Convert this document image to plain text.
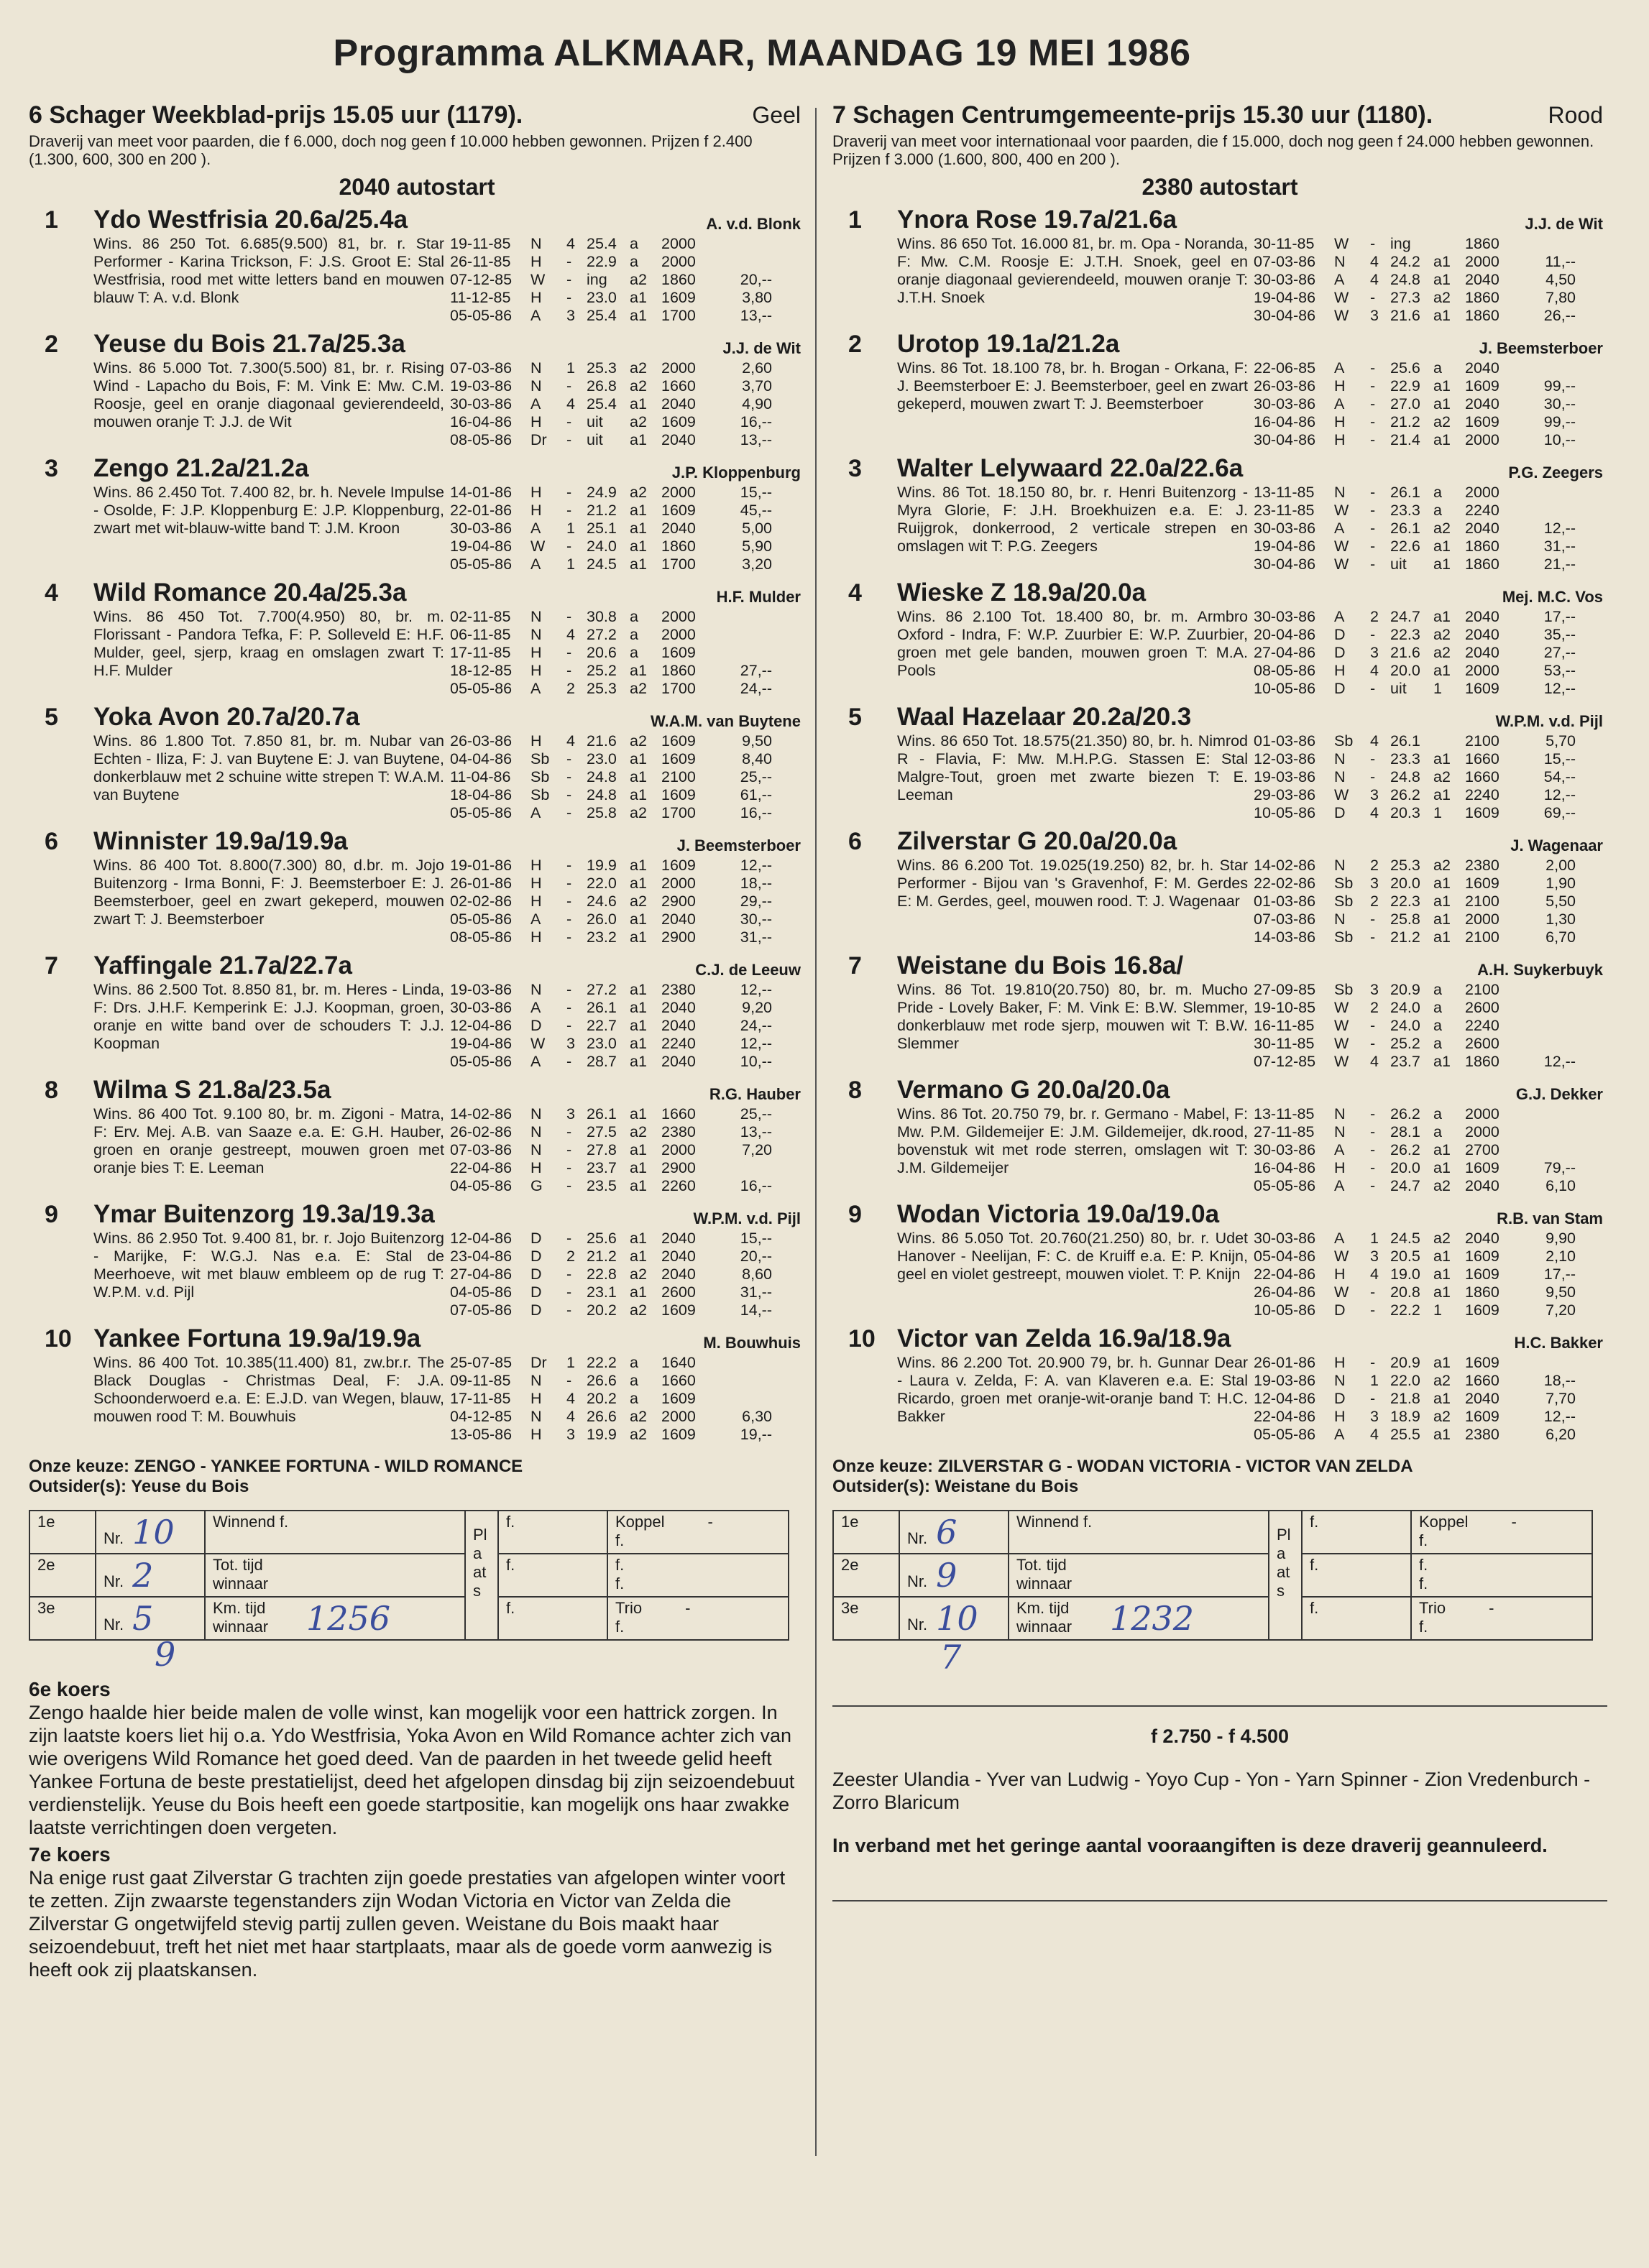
Programma ALKMAAR, MAANDAG 19 MEI 1986
6 Schager Weekblad-prijs 15.05 uur (1179).	Geel
Draverij van meet voor paarden, die f 6.000, doch nog geen f 10.000 hebben gewonnen. Prijzen f 2.400 (1.300, 600, 300 en 200 ).
2040 autostart
1 Ydo Westfrisia 20.6a/25.4a	A. v.d. Blonk
Wins. 86 250 Tot. 6.685(9.500) 81, br. r. Star Performer - Karina Trickson, F: J.S. Groot E: Stal Westfrisia, rood met witte letters band en mouwen blauw T: A. v.d. Blonk
19-11-85	N	4 25.4 a	2000
26-11-85	H	- 22.9 a	2000
07-12-85	W	- ing	a2 1860	20,--
11-12-85	H	- 23.0 a1 1609	3,80
05-05-86	A	3 25.4 a1 1700	13,--
2 Yeuse du Bois 21.7a/25.3a	J.J. de Wit
Wins. 86 5.000 Tot. 7.300(5.500) 81, br. r. Rising Wind - Lapacho du Bois, F: M. Vink E: Mw. C.M. Roosje, geel en oranje diagonaal gevierendeeld, mouwen oranje T: J.J. de Wit
07-03-86	N	1 25.3 a2 2000	2,60
19-03-86	N	- 26.8 a2 1660	3,70
30-03-86	A	4 25.4 a1 2040	4,90
16-04-86	H	- uit	a2 1609	16,--
08-05-86	Dr	- uit	a1 2040	13,--
3 Zengo 21.2a/21.2a	J.P. Kloppenburg
Wins. 86 2.450 Tot. 7.400 82, br. h. Nevele Impulse - Osolde, F: J.P. Kloppenburg E: J.P. Kloppenburg, zwart met wit-blauw-witte band T: J.M. Kroon
14-01-86	H	- 24.9 a2 2000	15,--
22-01-86	H	- 21.2 a1 1609	45,--
30-03-86	A	1 25.1 a1 2040	5,00
19-04-86	W	- 24.0 a1 1860	5,90
05-05-86	A	1 24.5 a1 1700	3,20
4 Wild Romance 20.4a/25.3a	H.F. Mulder
Wins. 86 450 Tot. 7.700(4.950) 80, br. m. Florissant - Pandora Tefka, F: P. Solleveld E: H.F. Mulder, geel, sjerp, kraag en omslagen zwart T: H.F. Mulder
02-11-85	N	- 30.8 a	2000
06-11-85	N	4 27.2 a	2000
17-11-85	H	- 20.6 a	1609
18-12-85	H	- 25.2 a1 1860	27,--
05-05-86	A	2 25.3 a2 1700	24,--
5 Yoka Avon 20.7a/20.7a	W.A.M. van Buytene
Wins. 86 1.800 Tot. 7.850 81, br. m. Nubar van Echten - Iliza, F: J. van Buytene E: J. van Buytene, donkerblauw met 2 schuine witte strepen T: W.A.M. van Buytene
26-03-86	H	4 21.6 a2 1609	9,50
04-04-86	Sb	- 23.0 a1 1609	8,40
11-04-86	Sb	- 24.8 a1 2100	25,--
18-04-86	Sb	- 24.8 a1 1609	61,--
05-05-86	A	- 25.8 a2 1700	16,--
6 Winnister 19.9a/19.9a	J. Beemsterboer
Wins. 86 400 Tot. 8.800(7.300) 80, d.br. m. Jojo Buitenzorg - Irma Bonni, F: J. Beemsterboer E: J. Beemsterboer, geel en zwart gekeperd, mouwen zwart T: J. Beemsterboer
19-01-86	H	- 19.9 a1 1609	12,--
26-01-86	H	- 22.0 a1 2000	18,--
02-02-86	H	- 24.6 a2 2900	29,--
05-05-86	A	- 26.0 a1 2040	30,--
08-05-86	H	- 23.2 a1 2900	31,--
7 Yaffingale 21.7a/22.7a	C.J. de Leeuw
Wins. 86 2.500 Tot. 8.850 81, br. m. Heres - Linda, F: Drs. J.H.F. Kemperink E: J.J. Koopman, groen, oranje en witte band over de schouders T: J.J. Koopman
19-03-86	N	- 27.2 a1 2380	12,--
30-03-86	A	- 26.1 a1 2040	9,20
12-04-86	D	- 22.7 a1 2040	24,--
19-04-86	W	3 23.0 a1 2240	12,--
05-05-86	A	- 28.7 a1 2040	10,--
8 Wilma S 21.8a/23.5a	R.G. Hauber
Wins. 86 400 Tot. 9.100 80, br. m. Zigoni - Matra, F: Erv. Mej. A.B. van Saaze e.a. E: G.H. Hauber, groen en oranje gestreept, mouwen groen met oranje bies T: E. Leeman
14-02-86	N	3 26.1 a1 1660	25,--
26-02-86	N	- 27.5 a2 2380	13,--
07-03-86	N	- 27.8 a1 2000	7,20
22-04-86	H	- 23.7 a1 2900
04-05-86	G	- 23.5 a1 2260	16,--
9 Ymar Buitenzorg 19.3a/19.3a	W.P.M. v.d. Pijl
Wins. 86 2.950 Tot. 9.400 81, br. r. Jojo Buitenzorg - Marijke, F: W.G.J. Nas e.a. E: Stal de Meerhoeve, wit met blauw embleem op de rug T: W.P.M. v.d. Pijl
12-04-86	D	- 25.6 a1 2040	15,--
23-04-86	D	2 21.2 a1 2040	20,--
27-04-86	D	- 22.8 a2 2040	8,60
04-05-86	D	- 23.1 a1 2600	31,--
07-05-86	D	- 20.2 a2 1609	14,--
10 Yankee Fortuna 19.9a/19.9a	M. Bouwhuis
Wins. 86 400 Tot. 10.385(11.400) 81, zw.br.r. The Black Douglas - Christmas Deal, F: J.A. Schoonderwoerd e.a. E: E.J.D. van Wegen, blauw, mouwen rood T: M. Bouwhuis
25-07-85	Dr	1 22.2 a	1640
09-11-85	N	- 26.6 a	1660
17-11-85	H	4 20.2 a	1609
04-12-85	N	4 26.6 a2 2000	6,30
13-05-86	H	3 19.9 a2 1609	19,--
Onze keuze: ZENGO - YANKEE FORTUNA - WILD ROMANCE
Outsider(s): Yeuse du Bois
1e	Nr. 10	Winnend f.	Plaats	f.	Koppel -
f.

2e	Nr. 2	Tot. tijd winnaar		f.	f.
f.

3e	Nr. 5	Km. tijd winnaar 1256		f.	Trio -
f.
9
6e koers
Zengo haalde hier beide malen de volle winst, kan mogelijk voor een hattrick zorgen. In zijn laatste koers liet hij o.a. Ydo Westfrisia, Yoka Avon en Wild Romance achter zich van wie overigens Wild Romance het goed deed. Van de paarden in het tweede gelid heeft Yankee Fortuna de beste prestatielijst, deed het afgelopen dinsdag bij zijn seizoendebuut verdienstelijk. Yeuse du Bois heeft een goede startpositie, kan mogelijk ons haar zwakke laatste verrichtingen doen vergeten.
7e koers
Na enige rust gaat Zilverstar G trachten zijn goede prestaties van afgelopen winter voort te zetten. Zijn zwaarste tegenstanders zijn Wodan Victoria en Victor van Zelda die Zilverstar G ongetwijfeld stevig partij zullen geven. Weistane du Bois maakt haar seizoendebuut, treft het niet met haar startplaats, maar als de goede vorm aanwezig is heeft ook zij plaatskansen.
7 Schagen Centrumgemeente-prijs 15.30 uur (1180).	Rood
Draverij van meet voor internationaal voor paarden, die f 15.000, doch nog geen f 24.000 hebben gewonnen. Prijzen f 3.000 (1.600, 800, 400 en 200 ).
2380 autostart
1 Ynora Rose 19.7a/21.6a	J.J. de Wit
Wins. 86 650 Tot. 16.000 81, br. m. Opa - Noranda, F: Mw. C.M. Roosje E: J.T.H. Snoek, geel en oranje diagonaal gevierendeeld, mouwen oranje T: J.T.H. Snoek
30-11-85	W	- ing	1860
07-03-86	N	4 24.2 a1 2000	11,--
30-03-86	A	4 24.8 a1 2040	4,50
19-04-86	W	- 27.3 a2 1860	7,80
30-04-86	W	3 21.6 a1 1860	26,--
2 Urotop 19.1a/21.2a	J. Beemsterboer
Wins. 86 Tot. 18.100 78, br. h. Brogan - Orkana, F: J. Beemsterboer E: J. Beemsterboer, geel en zwart gekeperd, mouwen zwart T: J. Beemsterboer
22-06-85	A	- 25.6 a	2040
26-03-86	H	- 22.9 a1 1609	99,--
30-03-86	A	- 27.0 a1 2040	30,--
16-04-86	H	- 21.2 a2 1609	99,--
30-04-86	H	- 21.4 a1 2000	10,--
3 Walter Lelywaard 22.0a/22.6a	P.G. Zeegers
Wins. 86 Tot. 18.150 80, br. r. Henri Buitenzorg - Myra Glorie, F: J.H. Broekhuizen e.a. E: J. Ruijgrok, donkerrood, 2 verticale strepen en omslagen wit T: P.G. Zeegers
13-11-85	N	- 26.1 a	2000
23-11-85	W	- 23.3 a	2240
30-03-86	A	- 26.1 a2 2040	12,--
19-04-86	W	- 22.6 a1 1860	31,--
30-04-86	W	- uit	a1 1860	21,--
4 Wieske Z 18.9a/20.0a	Mej. M.C. Vos
Wins. 86 2.100 Tot. 18.400 80, br. m. Armbro Oxford - Indra, F: W.P. Zuurbier E: W.P. Zuurbier, groen met gele banden, mouwen groen T: M.A. Pools
30-03-86	A	2 24.7 a1 2040	17,--
20-04-86	D	- 22.3 a2 2040	35,--
27-04-86	D	3 21.6 a2 2040	27,--
08-05-86	H	4 20.0 a1 2000	53,--
10-05-86	D	- uit	1	1609	12,--
5 Waal Hazelaar 20.2a/20.3	W.P.M. v.d. Pijl
Wins. 86 650 Tot. 18.575(21.350) 80, br. h. Nimrod R - Flavia, F: Mw. M.H.P.G. Stassen E: Stal Malgre-Tout, groen met zwarte biezen T: E. Leeman
01-03-86	Sb	4 26.1	2100	5,70
12-03-86	N	- 23.3 a1 1660	15,--
19-03-86	N	- 24.8 a2 1660	54,--
29-03-86	W	3 26.2 a1 2240	12,--
10-05-86	D	4 20.3 1	1609	69,--
6 Zilverstar G 20.0a/20.0a	J. Wagenaar
Wins. 86 6.200 Tot. 19.025(19.250) 82, br. h. Star Performer - Bijou van 's Gravenhof, F: M. Gerdes E: M. Gerdes, geel, mouwen rood. T: J. Wagenaar
14-02-86	N	2 25.3 a2 2380	2,00
22-02-86	Sb	3 20.0 a1 1609	1,90
01-03-86	Sb	2 22.3 a1 2100	5,50
07-03-86	N	- 25.8 a1 2000	1,30
14-03-86	Sb	- 21.2 a1 2100	6,70
7 Weistane du Bois 16.8a/	A.H. Suykerbuyk
Wins. 86 Tot. 19.810(20.750) 80, br. m. Mucho Pride - Lovely Baker, F: M. Vink E: B.W. Slemmer, donkerblauw met rode sjerp, mouwen wit T: B.W. Slemmer
27-09-85	Sb	3 20.9 a	2100
19-10-85	W	2 24.0 a	2600
16-11-85	W	- 24.0 a	2240
30-11-85	W	- 25.2 a	2600
07-12-85	W	4 23.7 a1 1860	12,--
8 Vermano G 20.0a/20.0a	G.J. Dekker
Wins. 86 Tot. 20.750 79, br. r. Germano - Mabel, F: Mw. P.M. Gildemeijer E: J.M. Gildemeijer, dk.rood, bovenstuk wit met rode sterren, omslagen wit T: J.M. Gildemeijer
13-11-85	N	- 26.2 a	2000
27-11-85	N	- 28.1 a	2000
30-03-86	A	- 26.2 a1 2700
16-04-86	H	- 20.0 a1 1609	79,--
05-05-86	A	- 24.7 a2 2040	6,10
9 Wodan Victoria 19.0a/19.0a	R.B. van Stam
Wins. 86 5.050 Tot. 20.760(21.250) 80, br. r. Udet Hanover - Neelijan, F: C. de Kruiff e.a. E: P. Knijn, geel en violet gestreept, mouwen violet. T: P. Knijn
30-03-86	A	1 24.5 a2 2040	9,90
05-04-86	W	3 20.5 a1 1609	2,10
22-04-86	H	4 19.0 a1 1609	17,--
26-04-86	W	- 20.8 a1 1860	9,50
10-05-86	D	- 22.2 1	1609	7,20
10 Victor van Zelda 16.9a/18.9a	H.C. Bakker
Wins. 86 2.200 Tot. 20.900 79, br. h. Gunnar Dear - Laura v. Zelda, F: A. van Klaveren e.a. E: Stal Ricardo, groen met oranje-wit-oranje band T: H.C. Bakker
26-01-86	H	- 20.9 a1 1609
19-03-86	N	1 22.0 a2 1660	18,--
12-04-86	D	- 21.8 a1 2040	7,70
22-04-86	H	3 18.9 a2 1609	12,--
05-05-86	A	4 25.5 a1 2380	6,20
Onze keuze: ZILVERSTAR G - WODAN VICTORIA - VICTOR VAN ZELDA
Outsider(s): Weistane du Bois
1e	Nr. 6	Winnend f.	Plaats	f.	Koppel -
f.

2e	Nr. 9	Tot. tijd winnaar		f.	f.
f.

3e	Nr. 10	Km. tijd winnaar 1232		f.	Trio -
f.
7
f 2.750 - f 4.500
Zeester Ulandia - Yver van Ludwig - Yoyo Cup - Yon - Yarn Spinner - Zion Vredenburch - Zorro Blaricum
In verband met het geringe aantal vooraangiften is deze draverij geannuleerd.
